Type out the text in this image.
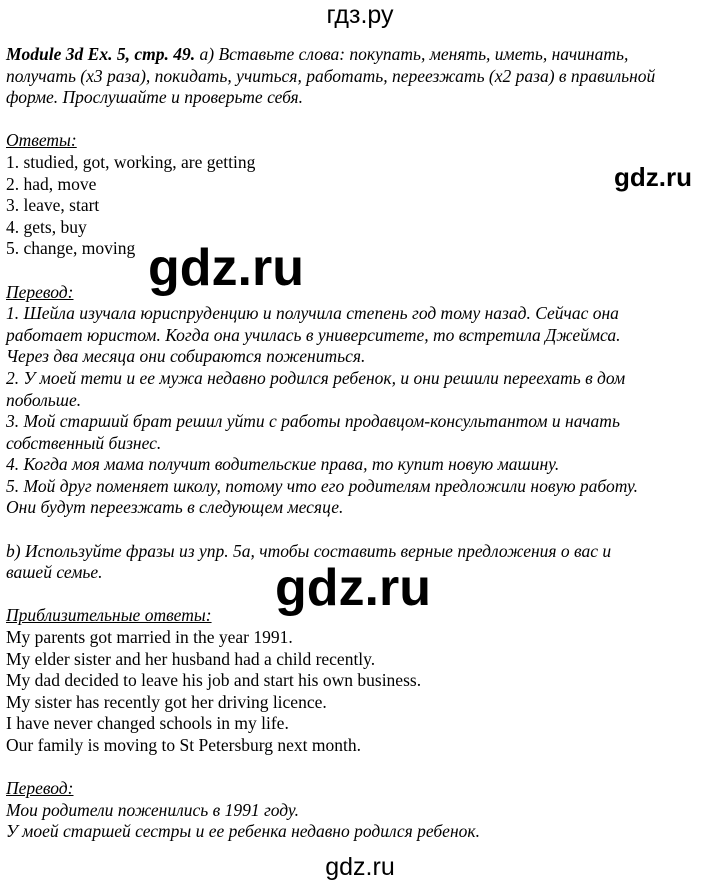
гдз.ру
Module 3d Ex. 5, стр. 49. a) Вставьте слова: покупать, менять, иметь, начинать,
получать (х3 раза), покидать, учиться, работать, переезжать (х2 раза) в правильной
форме. Прослушайте и проверьте себя.
Ответы:
1. studied, got, working, are getting
2. had, move
3. leave, start
4. gets, buy
5. change, moving
Перевод:
1. Шейла изучала юриспруденцию и получила степень год тому назад. Сейчас она
работает юристом. Когда она училась в университете, то встретила Джеймса.
Через два месяца они собираются пожениться.
2. У моей тети и ее мужа недавно родился ребенок, и они решили переехать в дом
побольше.
3. Мой старший брат решил уйти с работы продавцом-консультантом и начать
собственный бизнес.
4. Когда моя мама получит водительские права, то купит новую машину.
5. Мой друг поменяет школу, потому что его родителям предложили новую работу.
Они будут переезжать в следующем месяце.
b) Используйте фразы из упр. 5а, чтобы составить верные предложения о вас и
вашей семье.
Приблизительные ответы:
My parents got married in the year 1991.
My elder sister and her husband had a child recently.
My dad decided to leave his job and start his own business.
My sister has recently got her driving licence.
I have never changed schools in my life.
Our family is moving to St Petersburg next month.
Перевод:
Мои родители поженились в 1991 году.
У моей старшей сестры и ее ребенка недавно родился ребенок.
gdz.ru
gdz.ru
gdz.ru
gdz.ru
